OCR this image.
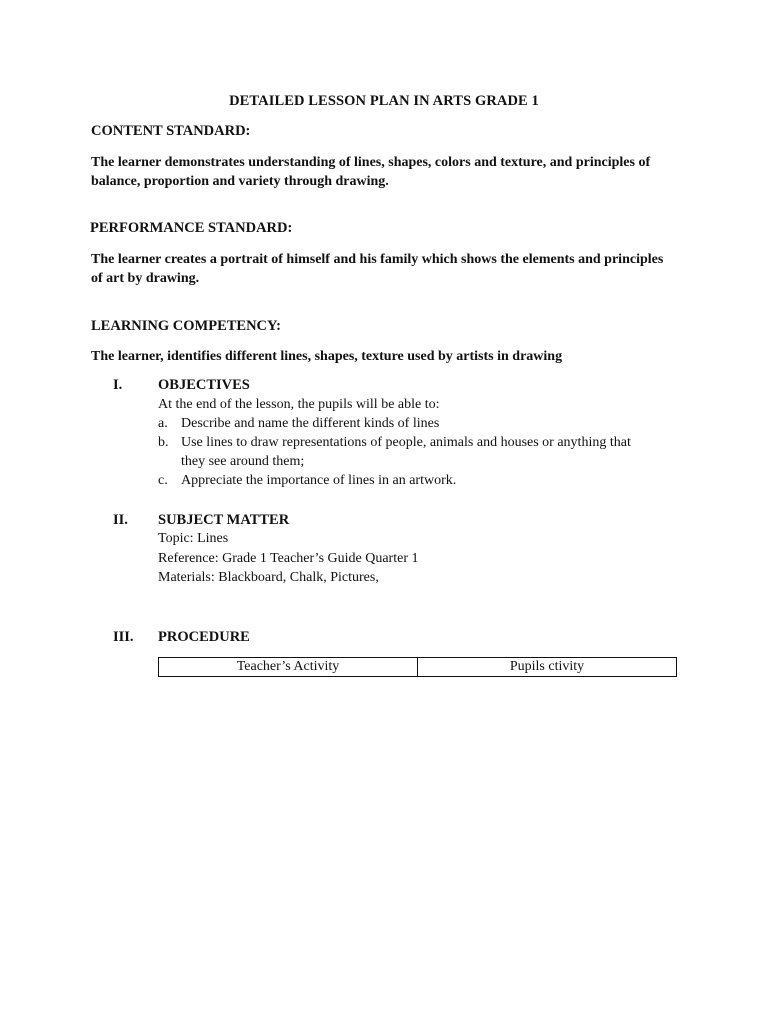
DETAILED LESSON PLAN IN ARTS GRADE 1
CONTENT STANDARD:
The learner demonstrates understanding of lines, shapes, colors and texture, and principles of balance, proportion and variety through drawing.
PERFORMANCE STANDARD:
The learner creates a portrait of himself and his family which shows the elements and principles of art by drawing.
LEARNING COMPETENCY:
The learner, identifies different lines, shapes, texture used by artists in drawing
I. OBJECTIVES
At the end of the lesson, the pupils will be able to:
a. Describe and name the different kinds of lines
b. Use lines to draw representations of people, animals and houses or anything that
they see around them;
c. Appreciate the importance of lines in an artwork.
II. SUBJECT MATTER
Topic: Lines
Reference: Grade 1 Teacher’s Guide Quarter 1
Materials: Blackboard, Chalk, Pictures,
III. PROCEDURE
Teacher’s Activity	Pupils ctivity
